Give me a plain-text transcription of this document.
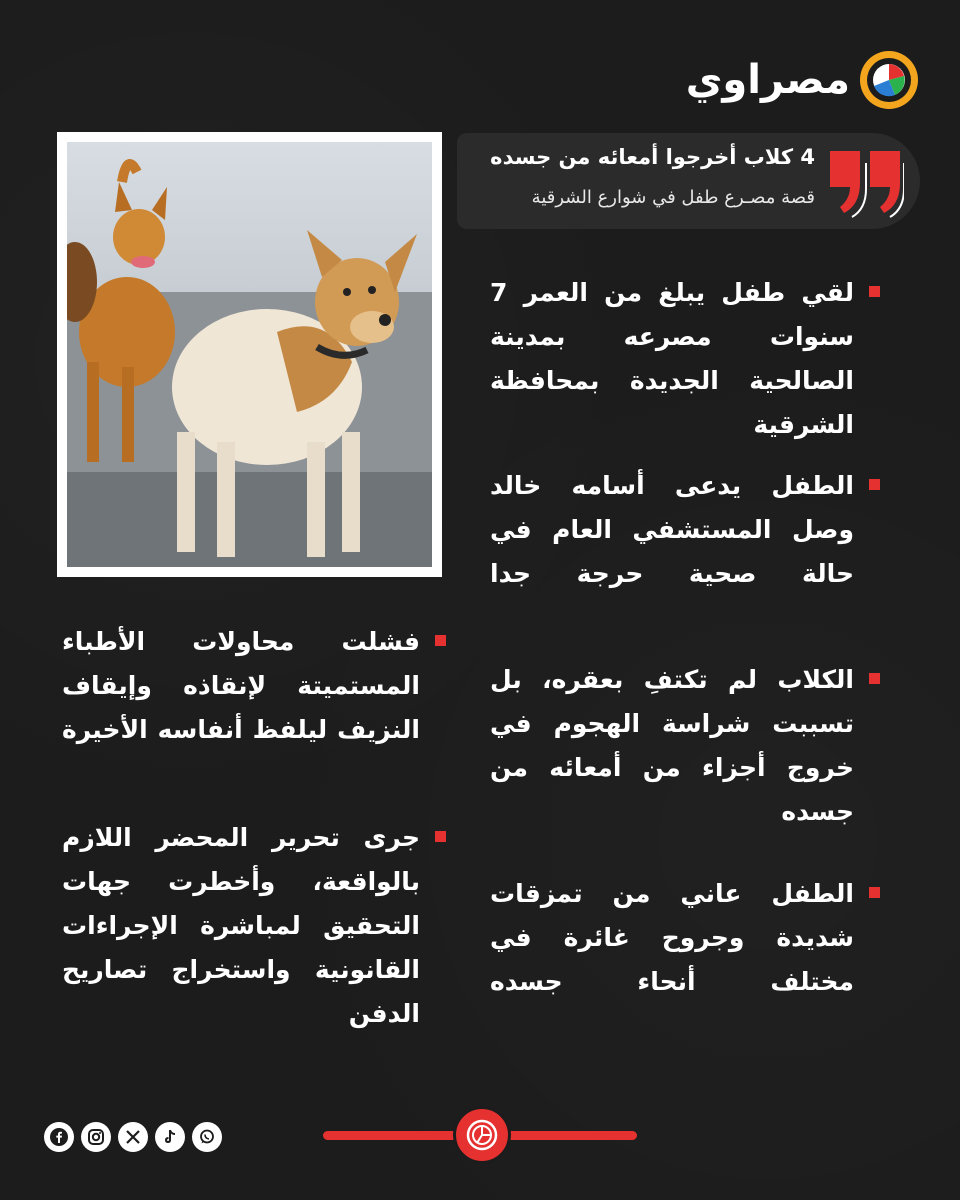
مصراوي
4 كلاب أخرجوا أمعائه من جسده
قصة مصـرع طفل في شوارع الشرقية
لقي طفل يبلغ من العمر 7 سنوات مصرعه بمدينة الصالحية الجديدة بمحافظة الشرقية
الطفل يدعى أسامه خالد وصل المستشفي العام في حالة صحية حرجة جدا
الكلاب لم تكتفِ بعقره، بل تسببت شراسة الهجوم في خروج أجزاء من أمعائه من جسده
الطفل عاني من تمزقات شديدة وجروح غائرة في مختلف أنحاء جسده
فشلت محاولات الأطباء المستميتة لإنقاذه وإيقاف النزيف ليلفظ أنفاسه الأخيرة
جرى تحرير المحضر اللازم بالواقعة، وأخطرت جهات التحقيق لمباشرة الإجراءات القانونية واستخراج تصاريح الدفن
